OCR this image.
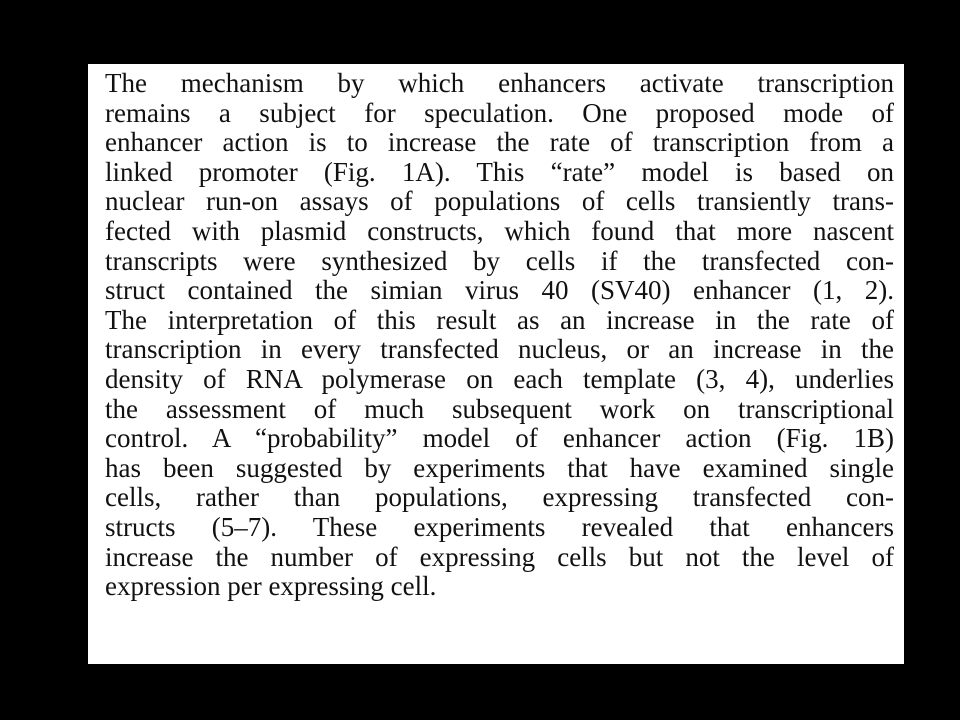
The mechanism by which enhancers activate transcription
remains a subject for speculation. One proposed mode of
enhancer action is to increase the rate of transcription from a
linked promoter (Fig. 1A). This “rate” model is based on
nuclear run-on assays of populations of cells transiently trans-
fected with plasmid constructs, which found that more nascent
transcripts were synthesized by cells if the transfected con-
struct contained the simian virus 40 (SV40) enhancer (1, 2).
The interpretation of this result as an increase in the rate of
transcription in every transfected nucleus, or an increase in the
density of RNA polymerase on each template (3, 4), underlies
the assessment of much subsequent work on transcriptional
control. A “probability” model of enhancer action (Fig. 1B)
has been suggested by experiments that have examined single
cells, rather than populations, expressing transfected con-
structs (5–7). These experiments revealed that enhancers
increase the number of expressing cells but not the level of
expression per expressing cell.
